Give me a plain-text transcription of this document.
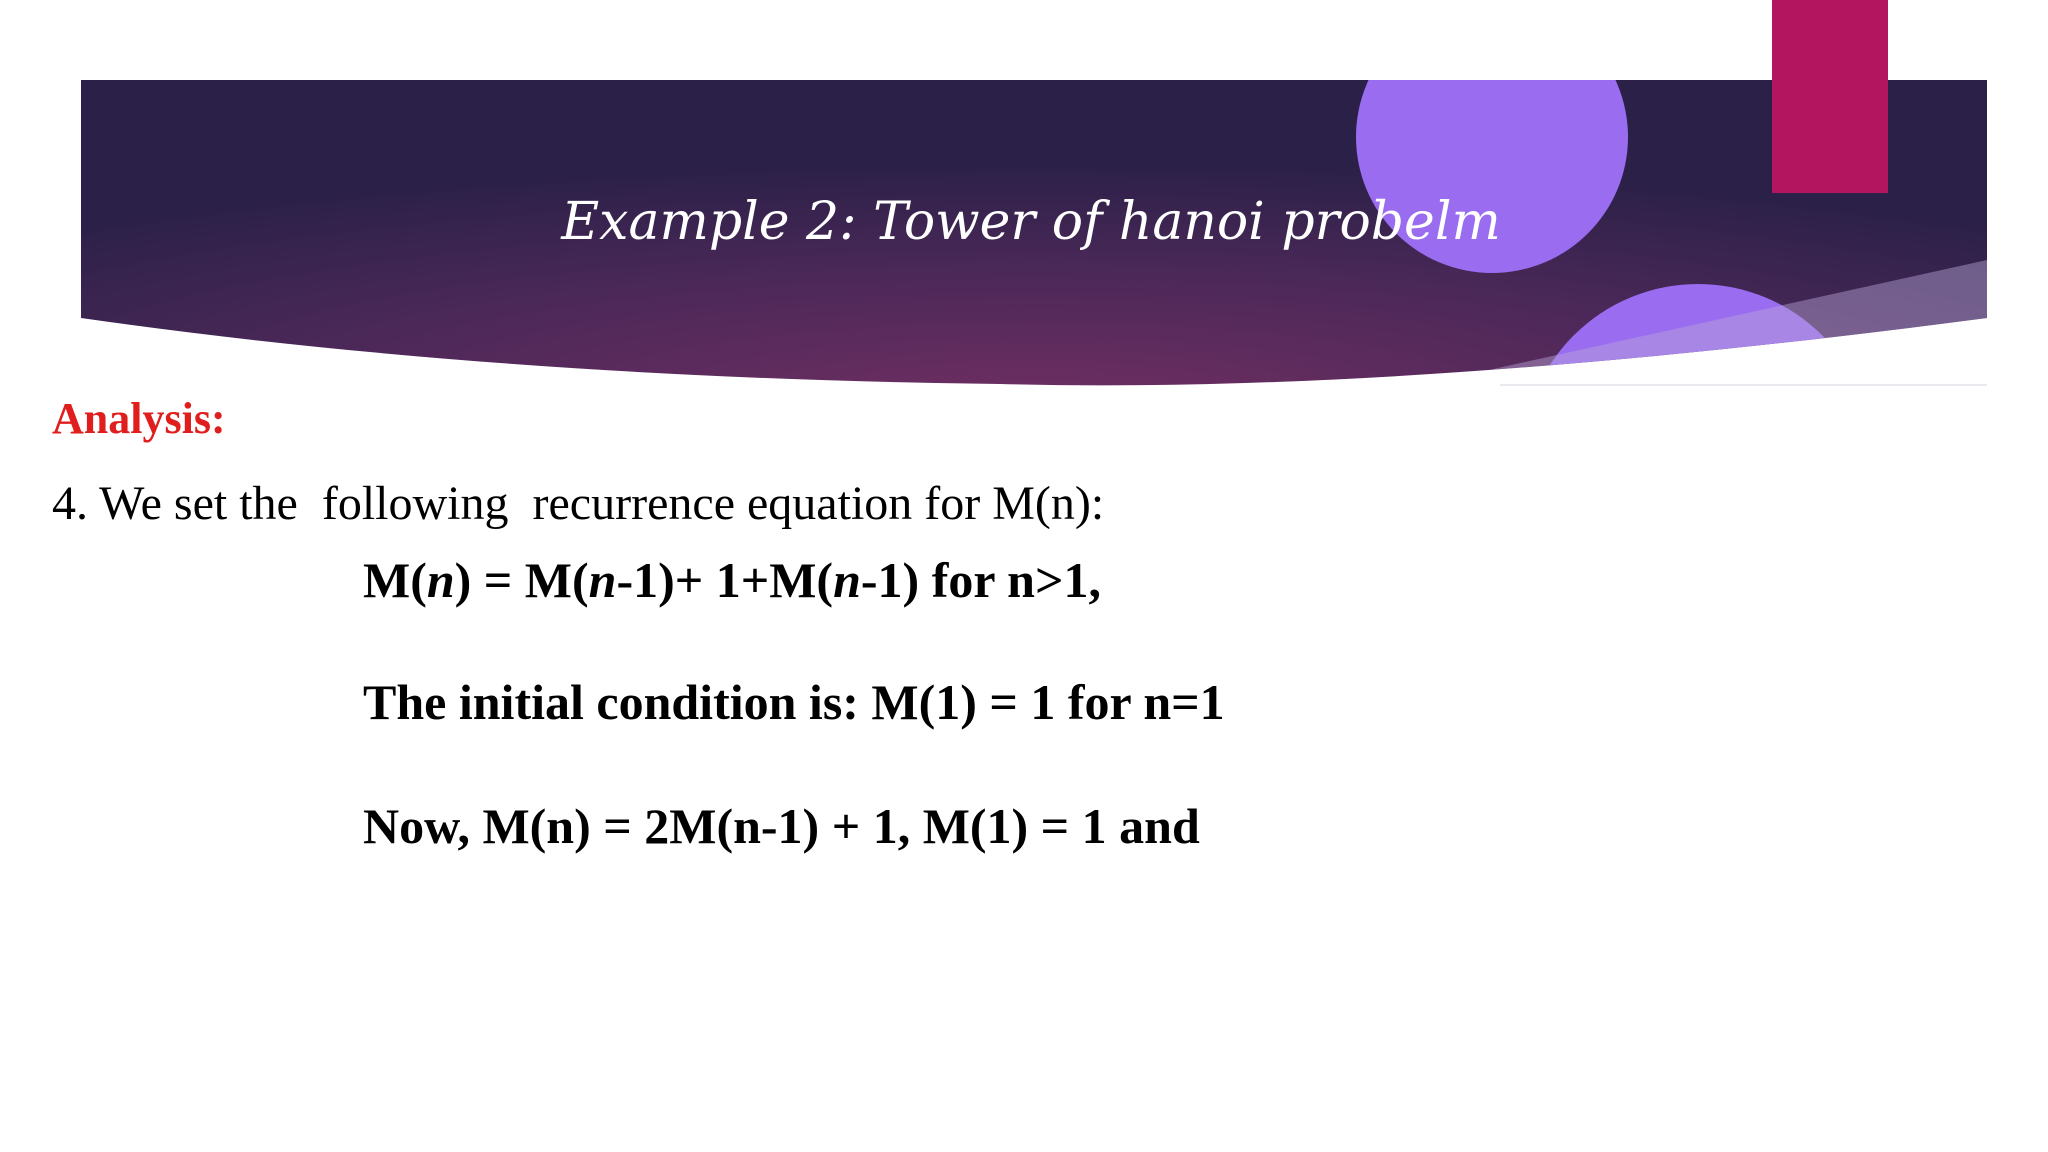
Example 2: Tower of hanoi probelm
Analysis:
4. We set the  following  recurrence equation for M(n):
M(n) = M(n-1)+ 1+M(n-1) for n>1,
The initial condition is: M(1) = 1 for n=1
Now, M(n) = 2M(n-1) + 1, M(1) = 1 and
